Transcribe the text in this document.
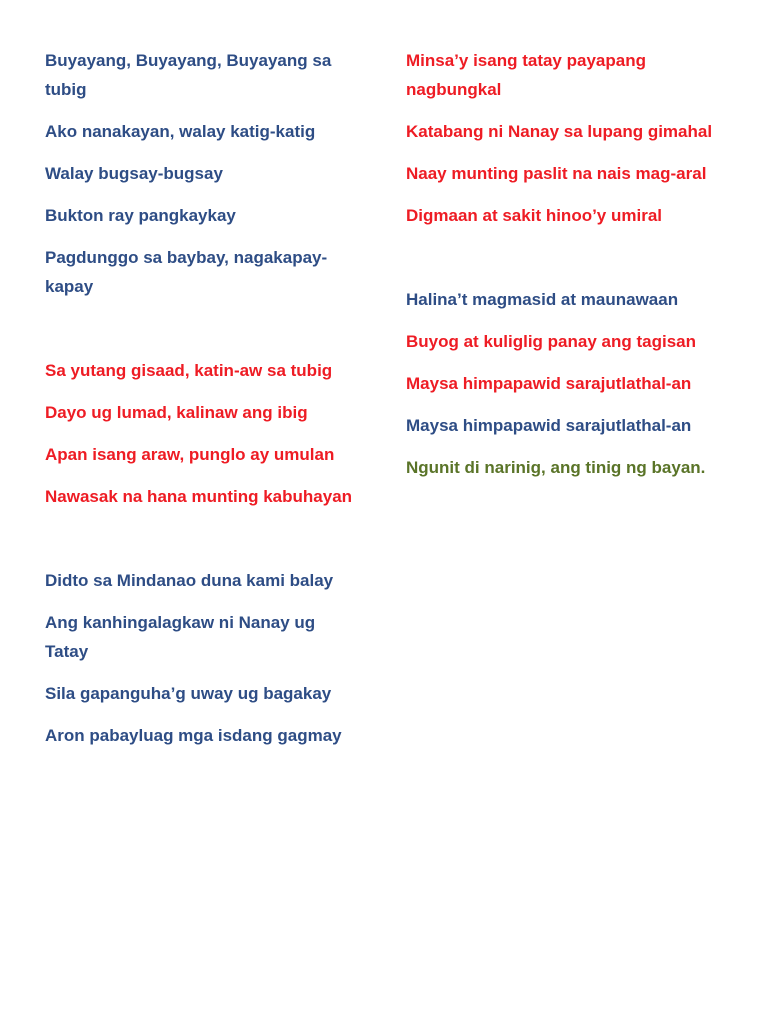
Buyayang, Buyayang, Buyayang sa tubig

Ako nanakayan, walay katig-katig

Walay bugsay-bugsay

Bukton ray pangkaykay

Pagdunggo sa baybay, nagakapay-kapay

Sa yutang gisaad, katin-aw sa tubig

Dayo ug lumad, kalinaw ang ibig

Apan isang araw, punglo ay umulan

Nawasak na hana munting kabuhayan

Didto sa Mindanao duna kami balay

Ang kanhingalagkaw ni Nanay ug Tatay

Sila gapanguha’g uway ug bagakay

Aron pabayluag mga isdang gagmay

Minsa’y isang tatay payapang nagbungkal

Katabang ni Nanay sa lupang gimahal

Naay munting paslit na nais mag-aral

Digmaan at sakit hinoo’y umiral

Halina’t magmasid at maunawaan

Buyog at kuliglig panay ang tagisan

Maysa himpapawid sarajutlathal-an

Maysa himpapawid sarajutlathal-an

Ngunit di narinig, ang tinig ng bayan.
